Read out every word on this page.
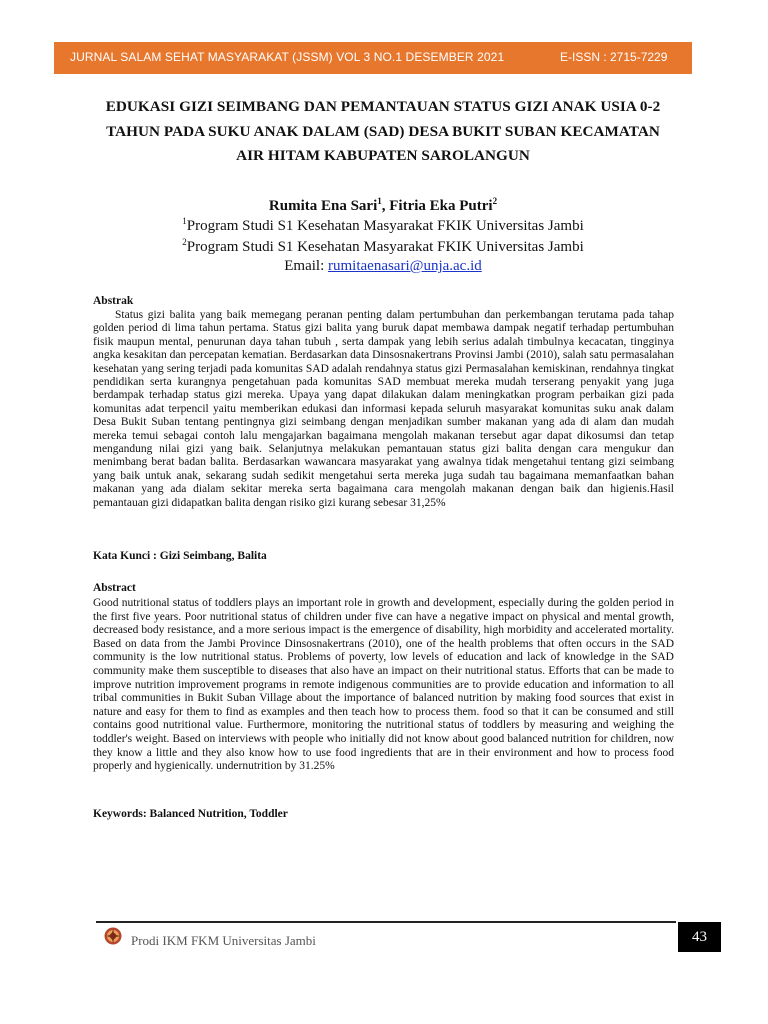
JURNAL SALAM SEHAT MASYARAKAT (JSSM) VOL 3 NO.1 DESEMBER 2021	E-ISSN : 2715-7229
EDUKASI GIZI SEIMBANG DAN PEMANTAUAN STATUS GIZI ANAK USIA 0-2
TAHUN PADA SUKU ANAK DALAM (SAD) DESA BUKIT SUBAN KECAMATAN
AIR HITAM KABUPATEN SAROLANGUN
Rumita Ena Sari$^1$, Fitria Eka Putri$^2$
$^1$Program Studi S1 Kesehatan Masyarakat FKIK Universitas Jambi
$^2$Program Studi S1 Kesehatan Masyarakat FKIK Universitas Jambi
Email: rumitaenasari@unja.ac.id
Abstrak
Status gizi balita yang baik memegang peranan penting dalam pertumbuhan dan perkembangan terutama pada tahap golden period di lima tahun pertama. Status gizi balita yang buruk dapat membawa dampak negatif terhadap pertumbuhan fisik maupun mental, penurunan daya tahan tubuh , serta dampak yang lebih serius adalah timbulnya kecacatan, tingginya angka kesakitan dan percepatan kematian. Berdasarkan data Dinsosnakertrans Provinsi Jambi (2010), salah satu permasalahan kesehatan yang sering terjadi pada komunitas SAD adalah rendahnya status gizi Permasalahan kemiskinan, rendahnya tingkat pendidikan serta kurangnya pengetahuan pada komunitas SAD membuat mereka mudah terserang penyakit yang juga berdampak terhadap status gizi mereka. Upaya yang dapat dilakukan dalam meningkatkan program perbaikan gizi pada komunitas adat terpencil yaitu memberikan edukasi dan informasi kepada seluruh masyarakat komunitas suku anak dalam Desa Bukit Suban tentang pentingnya gizi seimbang dengan menjadikan sumber makanan yang ada di alam dan mudah mereka temui sebagai contoh lalu mengajarkan bagaimana mengolah makanan tersebut agar dapat dikosumsi dan tetap mengandung nilai gizi yang baik. Selanjutnya melakukan pemantauan status gizi balita dengan cara mengukur dan menimbang berat badan balita. Berdasarkan wawancara masyarakat yang awalnya tidak mengetahui tentang gizi seimbang yang baik untuk anak, sekarang sudah sedikit mengetahui serta mereka juga sudah tau bagaimana memanfaatkan bahan makanan yang ada dialam sekitar mereka serta bagaimana cara mengolah makanan dengan baik dan higienis.Hasil pemantauan gizi didapatkan balita dengan risiko gizi kurang sebesar 31,25%
Kata Kunci : Gizi Seimbang, Balita
Abstract
Good nutritional status of toddlers plays an important role in growth and development, especially during the golden period in the first five years. Poor nutritional status of children under five can have a negative impact on physical and mental growth, decreased body resistance, and a more serious impact is the emergence of disability, high morbidity and accelerated mortality. Based on data from the Jambi Province Dinsosnakertrans (2010), one of the health problems that often occurs in the SAD community is the low nutritional status. Problems of poverty, low levels of education and lack of knowledge in the SAD community make them susceptible to diseases that also have an impact on their nutritional status. Efforts that can be made to improve nutrition improvement programs in remote indigenous communities are to provide education and information to all tribal communities in Bukit Suban Village about the importance of balanced nutrition by making food sources that exist in nature and easy for them to find as examples and then teach how to process them. food so that it can be consumed and still contains good nutritional value. Furthermore, monitoring the nutritional status of toddlers by measuring and weighing the toddler's weight. Based on interviews with people who initially did not know about good balanced nutrition for children, now they know a little and they also know how to use food ingredients that are in their environment and how to process food properly and hygienically. undernutrition by 31.25%
Keywords: Balanced Nutrition, Toddler
Prodi IKM FKM Universitas Jambi	43
